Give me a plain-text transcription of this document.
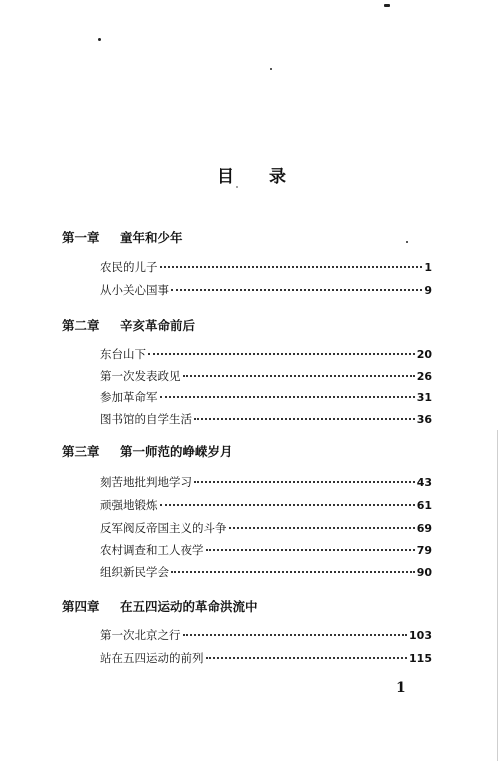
目 录
第一章 童年和少年
农民的儿子	1
从小关心国事	9
第二章 辛亥革命前后
东台山下	20
第一次发表政见	26
参加革命军	31
图书馆的自学生活	36
第三章 第一师范的峥嵘岁月
刻苦地批判地学习	43
顽强地锻炼	61
反军阀反帝国主义的斗争	69
农村调查和工人夜学	79
组织新民学会	90
第四章 在五四运动的革命洪流中
第一次北京之行	103
站在五四运动的前列	115
1
